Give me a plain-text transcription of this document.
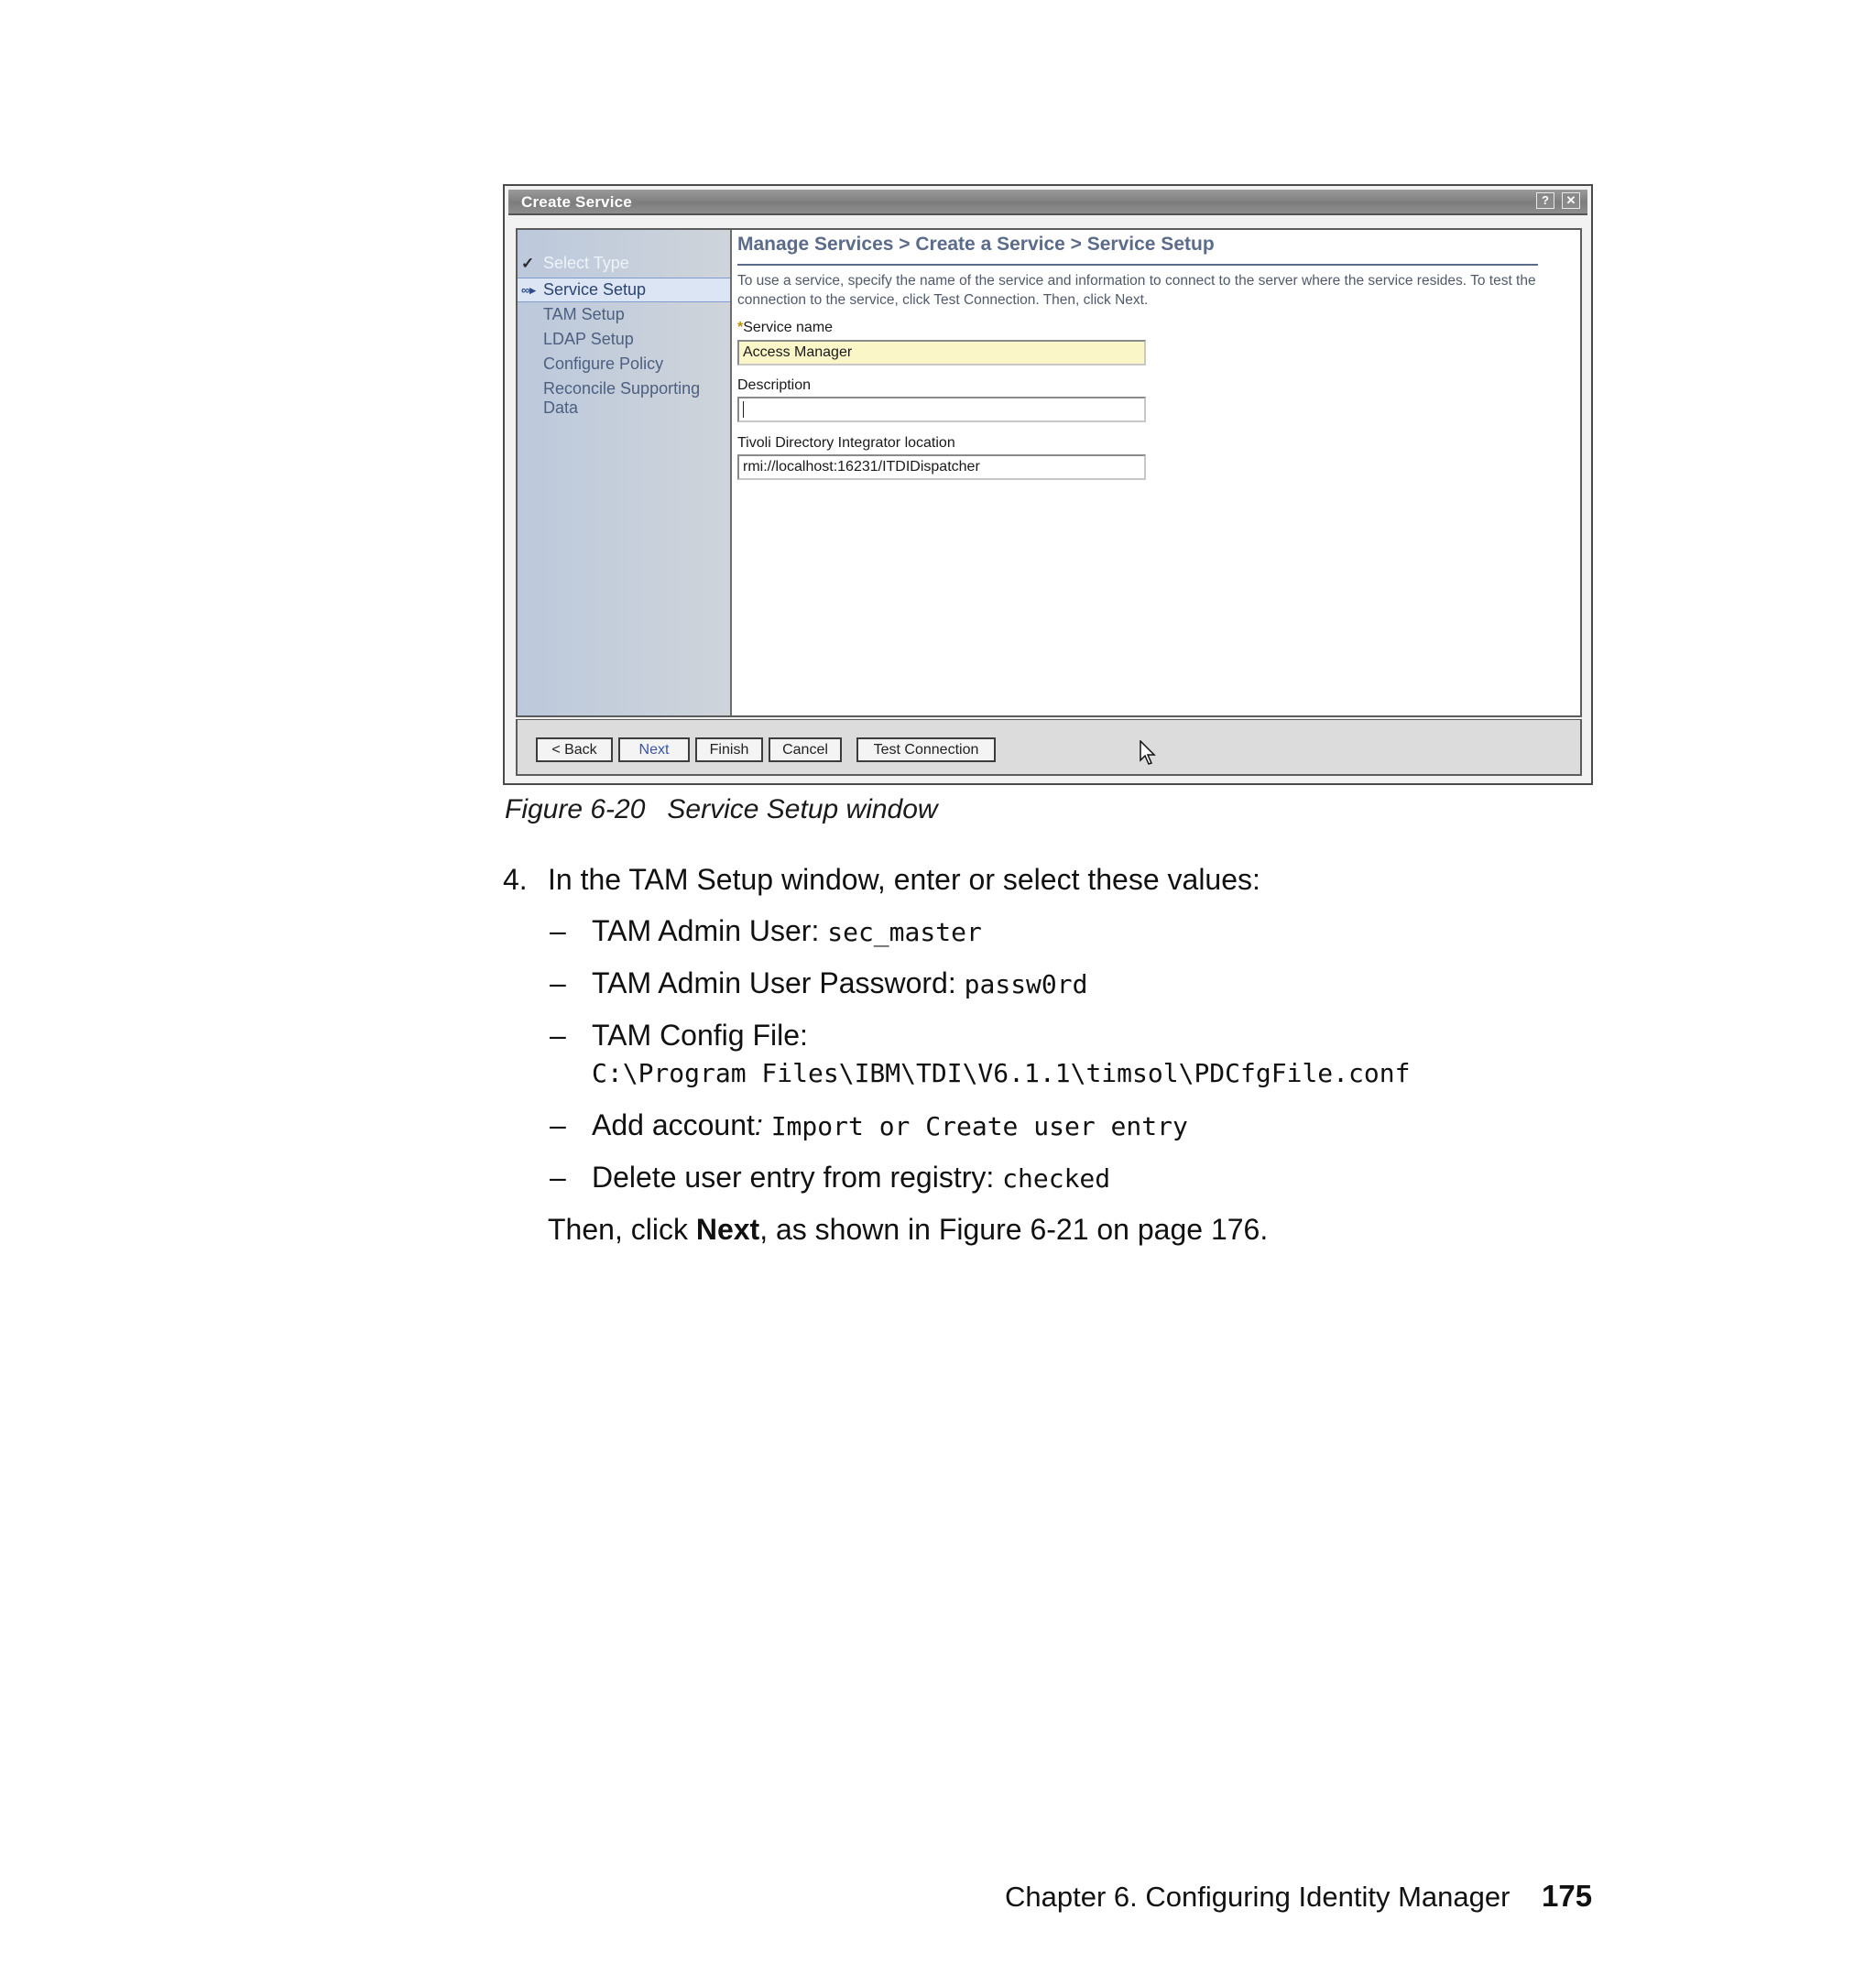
Create Service	?	✕
✓ Select Type
∞▸ Service Setup
TAM Setup
LDAP Setup
Configure Policy
Reconcile Supporting
Data
Manage Services > Create a Service > Service Setup
To use a service, specify the name of the service and information to connect to the server where the service resides. To test the connection to the service, click Test Connection. Then, click Next.
*Service name
Access Manager
Description
Tivoli Directory Integrator location
rmi://localhost:16231/ITDIDispatcher
< Back	Next	Finish	Cancel	Test Connection
Figure 6-20 Service Setup window
4. In the TAM Setup window, enter or select these values:
– TAM Admin User: sec_master
– TAM Admin User Password: passw0rd
– TAM Config File:
C:\Program Files\IBM\TDI\V6.1.1\timsol\PDCfgFile.conf
– Add account: Import or Create user entry
– Delete user entry from registry: checked
Then, click Next, as shown in Figure 6-21 on page 176.
Chapter 6. Configuring Identity Manager 175
